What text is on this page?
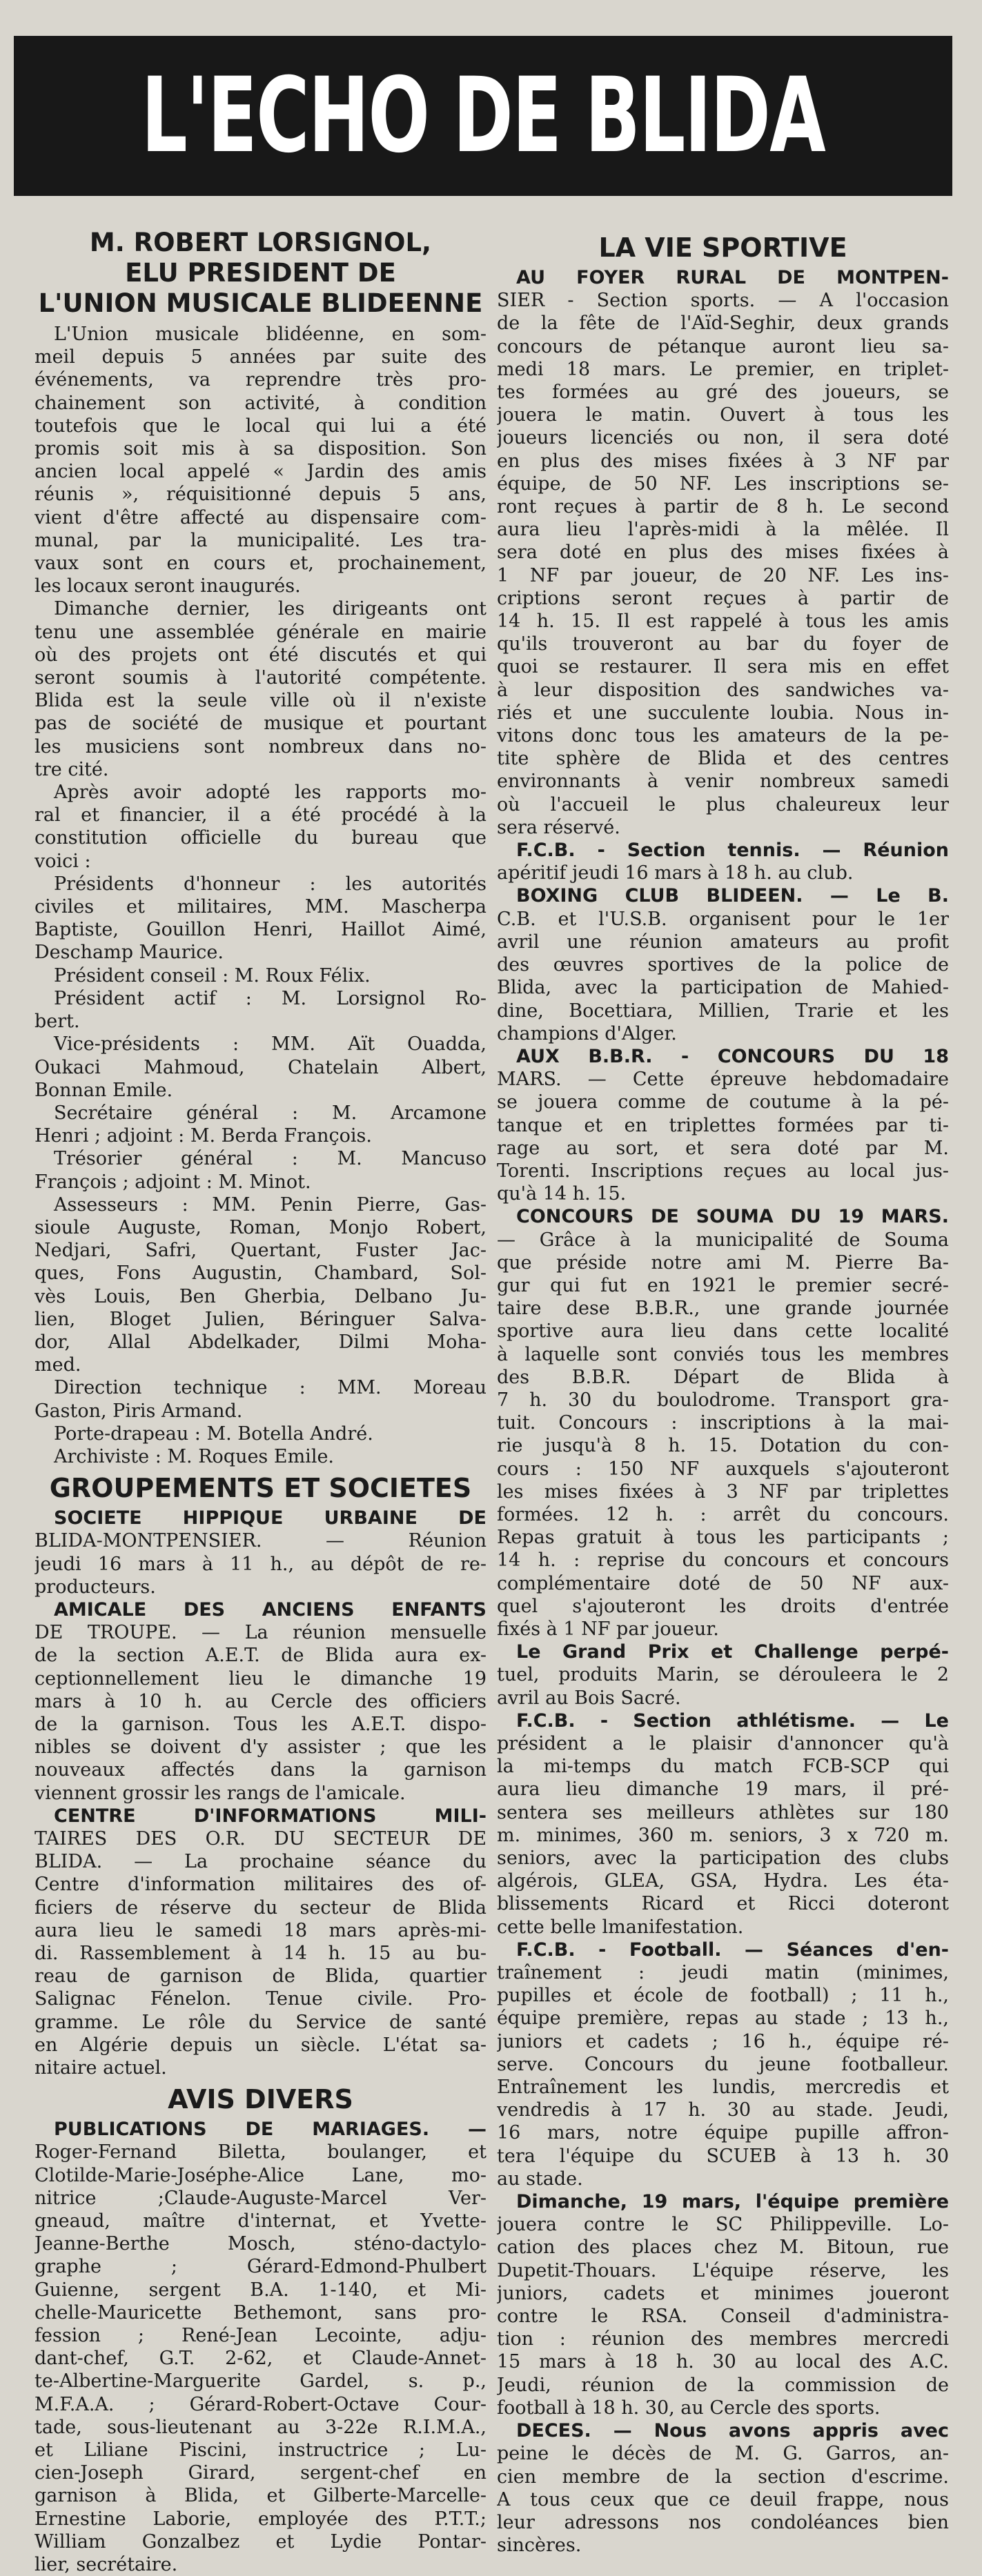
L'ECHO DE BLIDA
M. ROBERT LORSIGNOL,
ELU PRESIDENT DE
L'UNION MUSICALE BLIDEENNE
L'Union musicale blidéenne, en som-
meil depuis 5 années par suite des
événements, va reprendre très pro-
chainement son activité, à condition
toutefois que le local qui lui a été
promis soit mis à sa disposition. Son
ancien local appelé « Jardin des amis
réunis », réquisitionné depuis 5 ans,
vient d'être affecté au dispensaire com-
munal, par la municipalité. Les tra-
vaux sont en cours et, prochainement,
les locaux seront inaugurés.
Dimanche dernier, les dirigeants ont
tenu une assemblée générale en mairie
où des projets ont été discutés et qui
seront soumis à l'autorité compétente.
Blida est la seule ville où il n'existe
pas de société de musique et pourtant
les musiciens sont nombreux dans no-
tre cité.
Après avoir adopté les rapports mo-
ral et financier, il a été procédé à la
constitution officielle du bureau que
voici :
Présidents d'honneur : les autorités
civiles et militaires, MM. Mascherpa
Baptiste, Gouillon Henri, Haillot Aimé,
Deschamp Maurice.
Président conseil : M. Roux Félix.
Président actif : M. Lorsignol Ro-
bert.
Vice-présidents : MM. Aït Ouadda,
Oukaci Mahmoud, Chatelain Albert,
Bonnan Emile.
Secrétaire général : M. Arcamone
Henri ; adjoint : M. Berda François.
Trésorier général : M. Mancuso
François ; adjoint : M. Minot.
Assesseurs : MM. Penin Pierre, Gas-
sioule Auguste, Roman, Monjo Robert,
Nedjari, Safri, Quertant, Fuster Jac-
ques, Fons Augustin, Chambard, Sol-
vès Louis, Ben Gherbia, Delbano Ju-
lien, Bloget Julien, Béringuer Salva-
dor, Allal Abdelkader, Dilmi Moha-
med.
Direction technique : MM. Moreau
Gaston, Piris Armand.
Porte-drapeau : M. Botella André.
Archiviste : M. Roques Emile.
GROUPEMENTS ET SOCIETES
SOCIETE HIPPIQUE URBAINE DE
BLIDA-MONTPENSIER. — Réunion
jeudi 16 mars à 11 h., au dépôt de re-
producteurs.
AMICALE DES ANCIENS ENFANTS
DE TROUPE. — La réunion mensuelle
de la section A.E.T. de Blida aura ex-
ceptionnellement lieu le dimanche 19
mars à 10 h. au Cercle des officiers
de la garnison. Tous les A.E.T. dispo-
nibles se doivent d'y assister ; que les
nouveaux affectés dans la garnison
viennent grossir les rangs de l'amicale.
CENTRE D'INFORMATIONS MILI-
TAIRES DES O.R. DU SECTEUR DE
BLIDA. — La prochaine séance du
Centre d'information militaires des of-
ficiers de réserve du secteur de Blida
aura lieu le samedi 18 mars après-mi-
di. Rassemblement à 14 h. 15 au bu-
reau de garnison de Blida, quartier
Salignac Fénelon. Tenue civile. Pro-
gramme. Le rôle du Service de santé
en Algérie depuis un siècle. L'état sa-
nitaire actuel.
AVIS DIVERS
PUBLICATIONS DE MARIAGES. —
Roger-Fernand Biletta, boulanger, et
Clotilde-Marie-Joséphe-Alice Lane, mo-
nitrice ;Claude-Auguste-Marcel Ver-
gneaud, maître d'internat, et Yvette-
Jeanne-Berthe Mosch, sténo-dactylo-
graphe ; Gérard-Edmond-Phulbert
Guienne, sergent B.A. 1-140, et Mi-
chelle-Mauricette Bethemont, sans pro-
fession ; René-Jean Lecointe, adju-
dant-chef, G.T. 2-62, et Claude-Annet-
te-Albertine-Marguerite Gardel, s. p.,
M.F.A.A. ; Gérard-Robert-Octave Cour-
tade, sous-lieutenant au 3-22e R.I.M.A.,
et Liliane Piscini, instructrice ; Lu-
cien-Joseph Girard, sergent-chef en
garnison à Blida, et Gilberte-Marcelle-
Ernestine Laborie, employée des P.T.T.;
William Gonzalbez et Lydie Pontar-
lier, secrétaire.
LA VIE SPORTIVE
AU FOYER RURAL DE MONTPEN-
SIER - Section sports. — A l'occasion
de la fête de l'Aïd-Seghir, deux grands
concours de pétanque auront lieu sa-
medi 18 mars. Le premier, en triplet-
tes formées au gré des joueurs, se
jouera le matin. Ouvert à tous les
joueurs licenciés ou non, il sera doté
en plus des mises fixées à 3 NF par
équipe, de 50 NF. Les inscriptions se-
ront reçues à partir de 8 h. Le second
aura lieu l'après-midi à la mêlée. Il
sera doté en plus des mises fixées à
1 NF par joueur, de 20 NF. Les ins-
criptions seront reçues à partir de
14 h. 15. Il est rappelé à tous les amis
qu'ils trouveront au bar du foyer de
quoi se restaurer. Il sera mis en effet
à leur disposition des sandwiches va-
riés et une succulente loubia. Nous in-
vitons donc tous les amateurs de la pe-
tite sphère de Blida et des centres
environnants à venir nombreux samedi
où l'accueil le plus chaleureux leur
sera réservé.
F.C.B. - Section tennis. — Réunion
apéritif jeudi 16 mars à 18 h. au club.
BOXING CLUB BLIDEEN. — Le B.
C.B. et l'U.S.B. organisent pour le 1er
avril une réunion amateurs au profit
des œuvres sportives de la police de
Blida, avec la participation de Mahied-
dine, Bocettiara, Millien, Trarie et les
champions d'Alger.
AUX B.B.R. - CONCOURS DU 18
MARS. — Cette épreuve hebdomadaire
se jouera comme de coutume à la pé-
tanque et en triplettes formées par ti-
rage au sort, et sera doté par M.
Torenti. Inscriptions reçues au local jus-
qu'à 14 h. 15.
CONCOURS DE SOUMA DU 19 MARS.
— Grâce à la municipalité de Souma
que préside notre ami M. Pierre Ba-
gur qui fut en 1921 le premier secré-
taire dese B.B.R., une grande journée
sportive aura lieu dans cette localité
à laquelle sont conviés tous les membres
des B.B.R. Départ de Blida à
7 h. 30 du boulodrome. Transport gra-
tuit. Concours : inscriptions à la mai-
rie jusqu'à 8 h. 15. Dotation du con-
cours : 150 NF auxquels s'ajouteront
les mises fixées à 3 NF par triplettes
formées. 12 h. : arrêt du concours.
Repas gratuit à tous les participants ;
14 h. : reprise du concours et concours
complémentaire doté de 50 NF aux-
quel s'ajouteront les droits d'entrée
fixés à 1 NF par joueur.
Le Grand Prix et Challenge perpé-
tuel, produits Marin, se dérouleera le 2
avril au Bois Sacré.
F.C.B. - Section athlétisme. — Le
président a le plaisir d'annoncer qu'à
la mi-temps du match FCB-SCP qui
aura lieu dimanche 19 mars, il pré-
sentera ses meilleurs athlètes sur 180
m. minimes, 360 m. seniors, 3 x 720 m.
seniors, avec la participation des clubs
algérois, GLEA, GSA, Hydra. Les éta-
blissements Ricard et Ricci doteront
cette belle lmanifestation.
F.C.B. - Football. — Séances d'en-
traînement : jeudi matin (minimes,
pupilles et école de football) ; 11 h.,
équipe première, repas au stade ; 13 h.,
juniors et cadets ; 16 h., équipe ré-
serve. Concours du jeune footballeur.
Entraînement les lundis, mercredis et
vendredis à 17 h. 30 au stade. Jeudi,
16 mars, notre équipe pupille affron-
tera l'équipe du SCUEB à 13 h. 30
au stade.
Dimanche, 19 mars, l'équipe première
jouera contre le SC Philippeville. Lo-
cation des places chez M. Bitoun, rue
Dupetit-Thouars. L'équipe réserve, les
juniors, cadets et minimes joueront
contre le RSA. Conseil d'administra-
tion : réunion des membres mercredi
15 mars à 18 h. 30 au local des A.C.
Jeudi, réunion de la commission de
football à 18 h. 30, au Cercle des sports.
DECES. — Nous avons appris avec
peine le décès de M. G. Garros, an-
cien membre de la section d'escrime.
A tous ceux que ce deuil frappe, nous
leur adressons nos condoléances bien
sincères.
